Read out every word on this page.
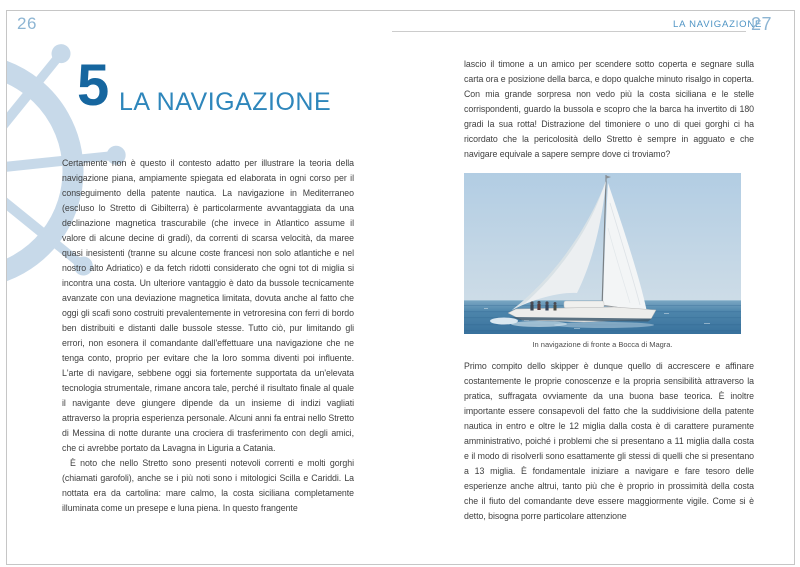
26
5 LA NAVIGAZIONE
Certamente non è questo il contesto adatto per illustrare la teoria della navigazione piana, ampiamente spiegata ed elaborata in ogni corso per il conseguimento della patente nautica. La navigazione in Mediterraneo (escluso lo Stretto di Gibilterra) è particolarmente avvantaggiata da una declinazione magnetica trascurabile (che invece in Atlantico assume il valore di alcune decine di gradi), da correnti di scarsa velocità, da maree quasi inesistenti (tranne su alcune coste francesi non solo atlantiche e nel nostro alto Adriatico) e da fetch ridotti considerato che ogni tot di miglia si incontra una costa. Un ulteriore vantaggio è dato da bussole tecnicamente avanzate con una deviazione magnetica limitata, dovuta anche al fatto che oggi gli scafi sono costruiti prevalentemente in vetroresina con ferri di bordo ben distribuiti e distanti dalle bussole stesse. Tutto ciò, pur limitando gli errori, non esonera il comandante dall'effettuare una navigazione che ne tenga conto, proprio per evitare che la loro somma diventi poi influente. L'arte di navigare, sebbene oggi sia fortemente supportata da un'elevata tecnologia strumentale, rimane ancora tale, perché il risultato finale al quale il navigante deve giungere dipende da un insieme di indizi vagliati attraverso la propria esperienza personale. Alcuni anni fa entrai nello Stretto di Messina di notte durante una crociera di trasferimento con degli amici, che ci avrebbe portato da Lavagna in Liguria a Catania.
È noto che nello Stretto sono presenti notevoli correnti e molti gorghi (chiamati garofoli), anche se i più noti sono i mitologici Scilla e Cariddi. La nottata era da cartolina: mare calmo, la costa siciliana completamente illuminata come un presepe e luna piena. In questo frangente
LA NAVIGAZIONE
27
lascio il timone a un amico per scendere sotto coperta e segnare sulla carta ora e posizione della barca, e dopo qualche minuto risalgo in coperta. Con mia grande sorpresa non vedo più la costa siciliana e le stelle corrispondenti, guardo la bussola e scopro che la barca ha invertito di 180 gradi la sua rotta! Distrazione del timoniere o uno di quei gorghi ci ha ricordato che la pericolosità dello Stretto è sempre in agguato e che navigare equivale a sapere sempre dove ci troviamo?
In navigazione di fronte a Bocca di Magra.
Primo compito dello skipper è dunque quello di accrescere e affinare costantemente le proprie conoscenze e la propria sensibilità attraverso la pratica, suffragata ovviamente da una buona base teorica. È inoltre importante essere consapevoli del fatto che la suddivisione della patente nautica in entro e oltre le 12 miglia dalla costa è di carattere puramente amministrativo, poiché i problemi che si presentano a 11 miglia dalla costa e il modo di risolverli sono esattamente gli stessi di quelli che si presentano a 13 miglia. È fondamentale iniziare a navigare e fare tesoro delle esperienze anche altrui, tanto più che è proprio in prossimità della costa che il fiuto del comandante deve essere maggiormente vigile. Come si è detto, bisogna porre particolare attenzione
